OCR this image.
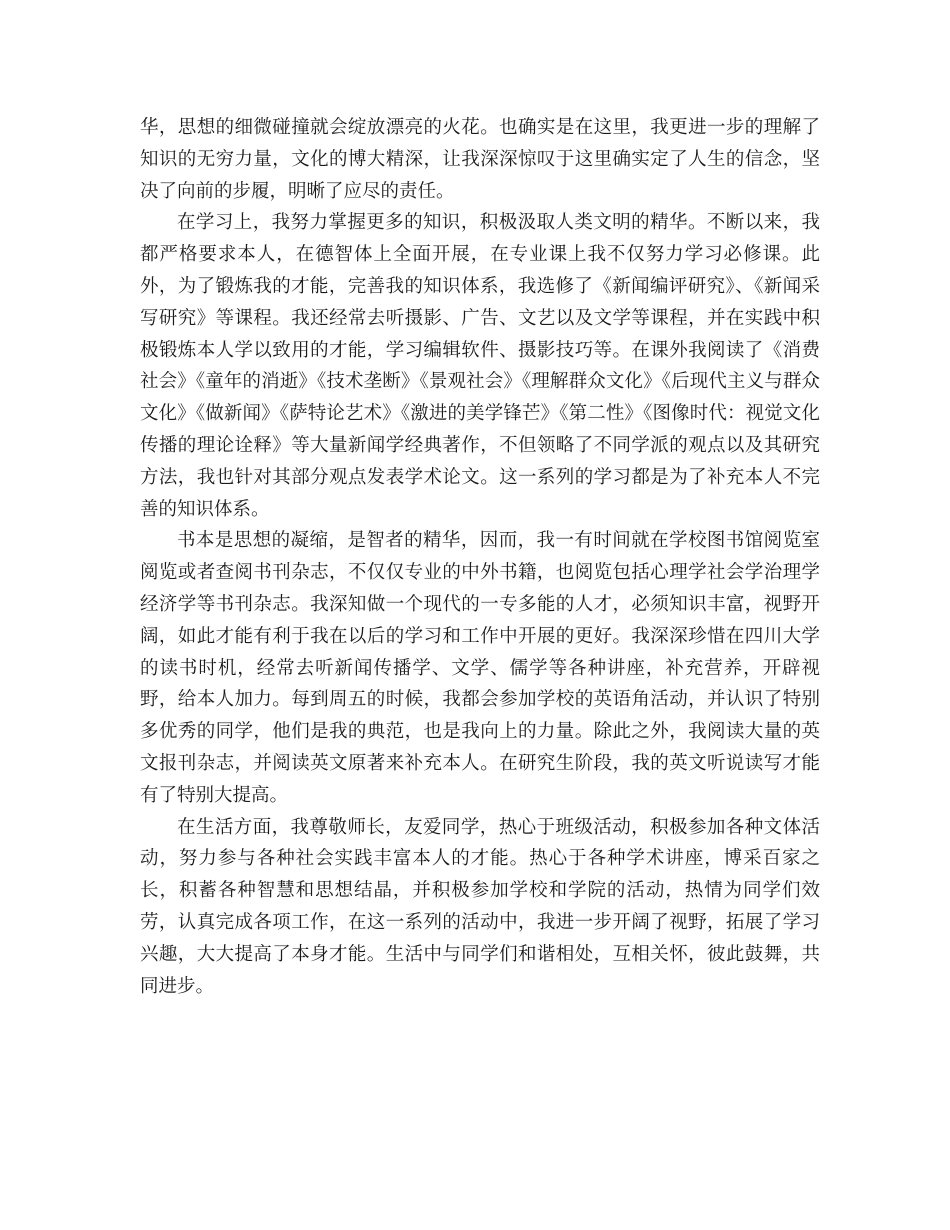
华，思想的细微碰撞就会绽放漂亮的火花。也确实是在这里，我更进一步的理解了知识的无穷力量，文化的博大精深，让我深深惊叹于这里确实定了人生的信念，坚决了向前的步履，明晰了应尽的责任。

在学习上，我努力掌握更多的知识，积极汲取人类文明的精华。不断以来，我都严格要求本人，在德智体上全面开展，在专业课上我不仅努力学习必修课。此外，为了锻炼我的才能，完善我的知识体系，我选修了《新闻编评研究》、《新闻采写研究》等课程。我还经常去听摄影、广告、文艺以及文学等课程，并在实践中积极锻炼本人学以致用的才能，学习编辑软件、摄影技巧等。在课外我阅读了《消费社会》《童年的消逝》《技术垄断》《景观社会》《理解群众文化》《后现代主义与群众文化》《做新闻》《萨特论艺术》《激进的美学锋芒》《第二性》《图像时代：视觉文化传播的理论诠释》等大量新闻学经典著作，不但领略了不同学派的观点以及其研究方法，我也针对其部分观点发表学术论文。这一系列的学习都是为了补充本人不完善的知识体系。

书本是思想的凝缩，是智者的精华，因而，我一有时间就在学校图书馆阅览室阅览或者查阅书刊杂志，不仅仅专业的中外书籍，也阅览包括心理学社会学治理学经济学等书刊杂志。我深知做一个现代的一专多能的人才，必须知识丰富，视野开阔，如此才能有利于我在以后的学习和工作中开展的更好。我深深珍惜在四川大学的读书时机，经常去听新闻传播学、文学、儒学等各种讲座，补充营养，开辟视野，给本人加力。每到周五的时候，我都会参加学校的英语角活动，并认识了特别多优秀的同学，他们是我的典范，也是我向上的力量。除此之外，我阅读大量的英文报刊杂志，并阅读英文原著来补充本人。在研究生阶段，我的英文听说读写才能有了特别大提高。

在生活方面，我尊敬师长，友爱同学，热心于班级活动，积极参加各种文体活动，努力参与各种社会实践丰富本人的才能。热心于各种学术讲座，博采百家之长，积蓄各种智慧和思想结晶，并积极参加学校和学院的活动，热情为同学们效劳，认真完成各项工作，在这一系列的活动中，我进一步开阔了视野，拓展了学习兴趣，大大提高了本身才能。生活中与同学们和谐相处，互相关怀，彼此鼓舞，共同进步。
